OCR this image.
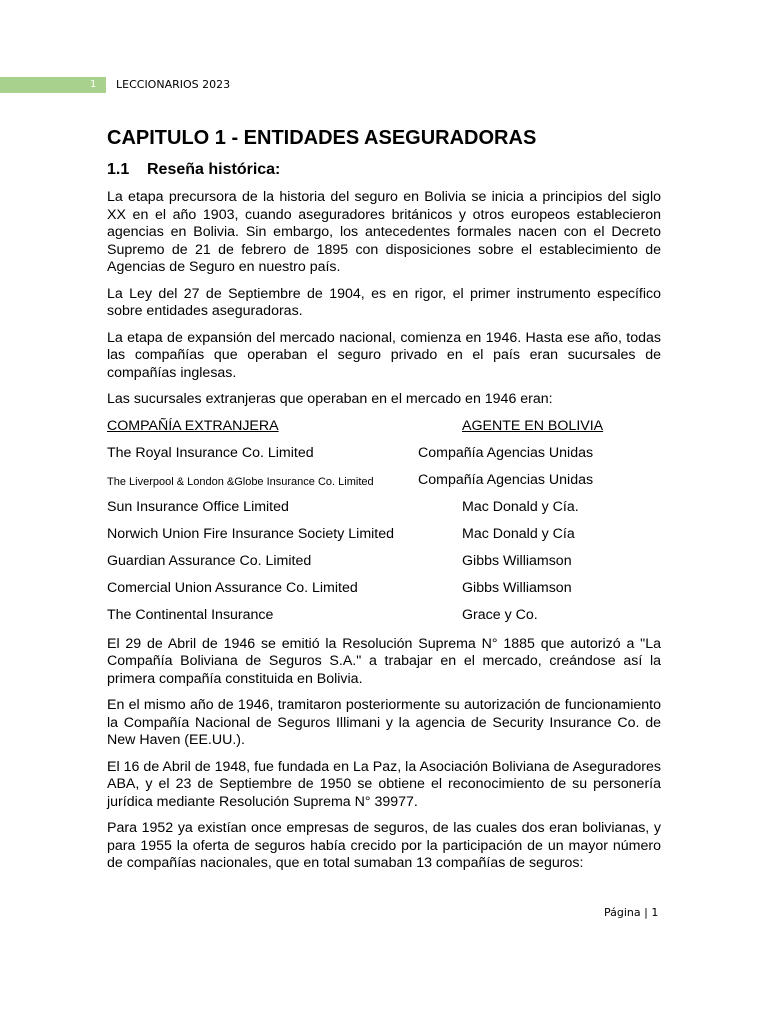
1 LECCIONARIOS 2023
CAPITULO 1 - ENTIDADES ASEGURADORAS
1.1 Reseña histórica:

La etapa precursora de la historia del seguro en Bolivia se inicia a principios del siglo XX en el año 1903, cuando aseguradores británicos y otros europeos establecieron agencias en Bolivia. Sin embargo, los antecedentes formales nacen con el Decreto Supremo de 21 de febrero de 1895 con disposiciones sobre el establecimiento de Agencias de Seguro en nuestro país.

La Ley del 27 de Septiembre de 1904, es en rigor, el primer instrumento específico sobre entidades aseguradoras.

La etapa de expansión del mercado nacional, comienza en 1946. Hasta ese año, todas las compañías que operaban el seguro privado en el país eran sucursales de compañías inglesas.

Las sucursales extranjeras que operaban en el mercado en 1946 eran:

COMPAÑÍA EXTRANJERA	AGENTE EN BOLIVIA
The Royal Insurance Co. Limited	Compañía Agencias Unidas
The Liverpool & London &Globe Insurance Co. Limited	Compañía Agencias Unidas
Sun Insurance Office Limited	Mac Donald y Cía.
Norwich Union Fire Insurance Society Limited	Mac Donald y Cía
Guardian Assurance Co. Limited	Gibbs Williamson
Comercial Union Assurance Co. Limited	Gibbs Williamson
The Continental Insurance	Grace y Co.

El 29 de Abril de 1946 se emitió la Resolución Suprema N° 1885 que autorizó a "La Compañía Boliviana de Seguros S.A." a trabajar en el mercado, creándose así la primera compañía constituida en Bolivia.

En el mismo año de 1946, tramitaron posteriormente su autorización de funcionamiento la Compañía Nacional de Seguros Illimani y la agencia de Security Insurance Co. de New Haven (EE.UU.).

El 16 de Abril de 1948, fue fundada en La Paz, la Asociación Boliviana de Aseguradores ABA, y el 23 de Septiembre de 1950 se obtiene el reconocimiento de su personería jurídica mediante Resolución Suprema N° 39977.

Para 1952 ya existían once empresas de seguros, de las cuales dos eran bolivianas, y para 1955 la oferta de seguros había crecido por la participación de un mayor número de compañías nacionales, que en total sumaban 13 compañías de seguros:

Página | 1
